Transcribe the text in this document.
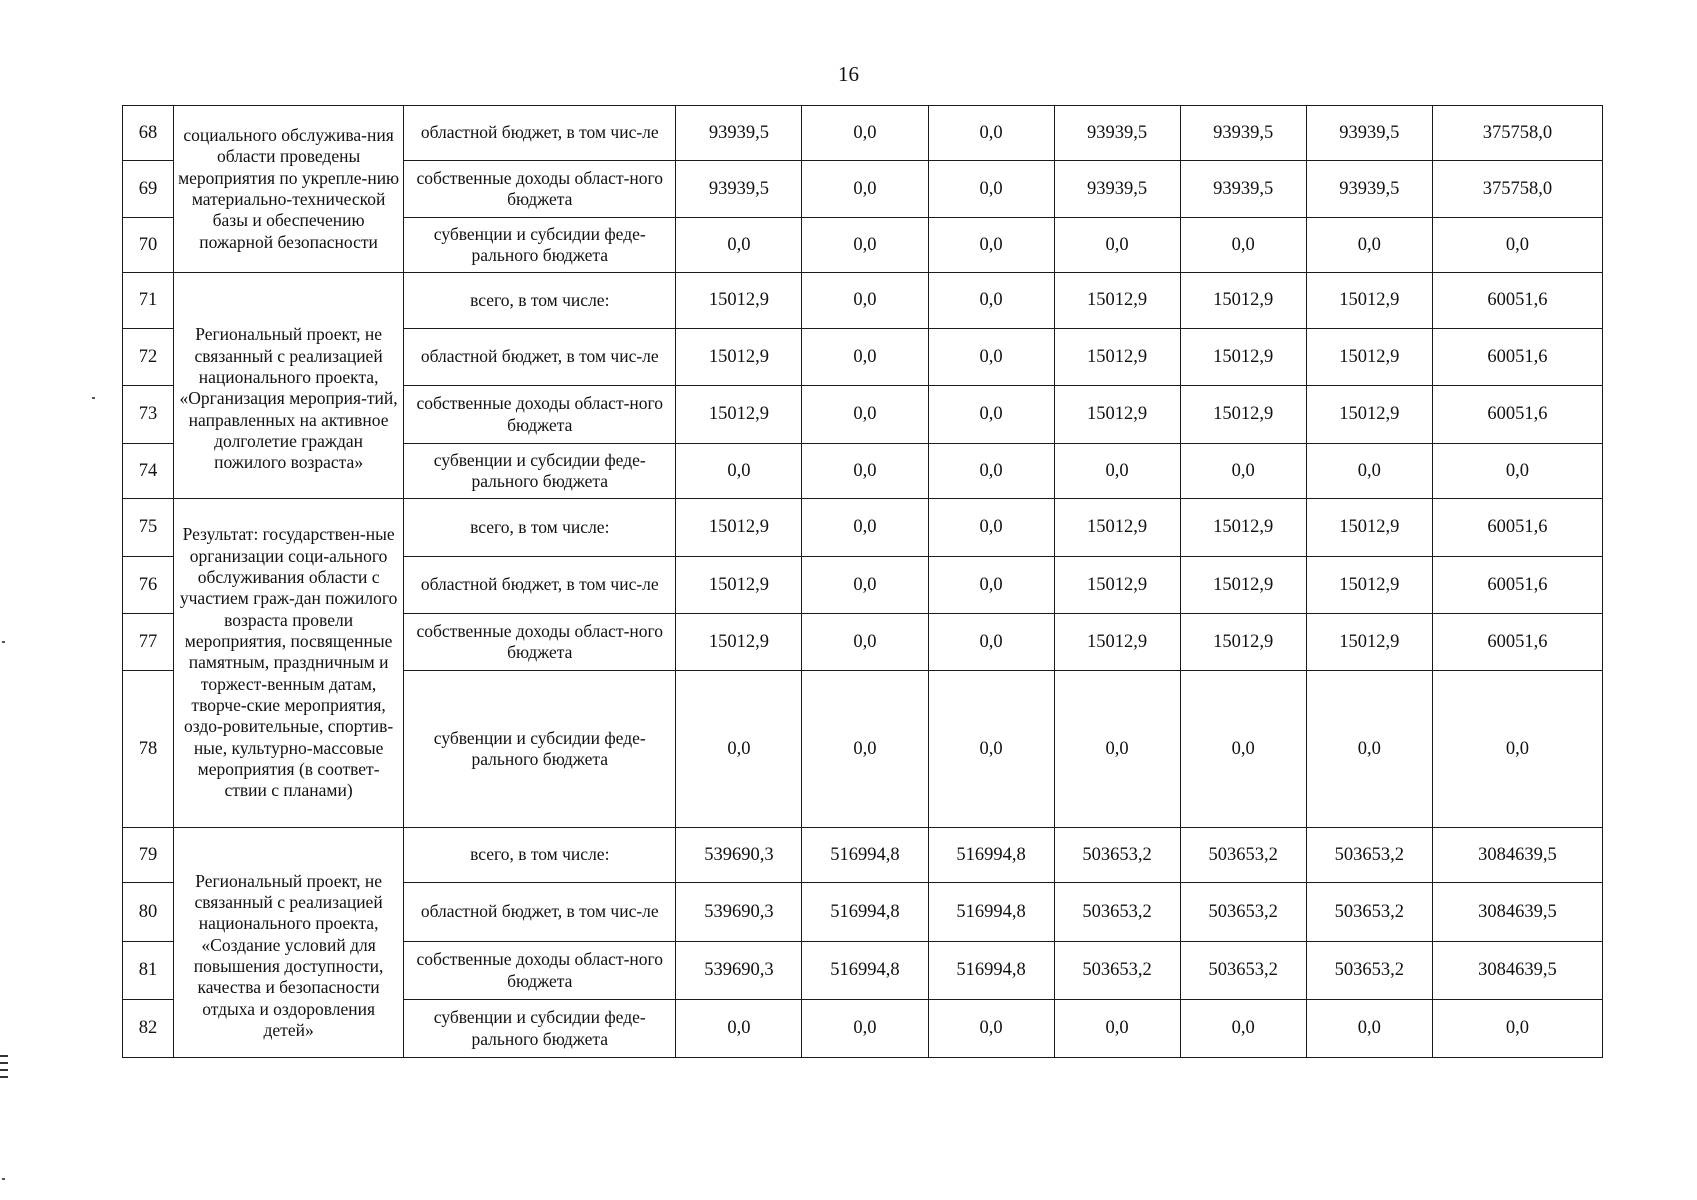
16
68	социального обслужива-ния области проведены мероприятия по укрепле-нию материально-технической базы и обеспечению пожарной безопасности	областной бюджет, в том чис-ле	93939,5	0,0	0,0	93939,5	93939,5	93939,5	375758,0
69		собственные доходы област-ного бюджета	93939,5	0,0	0,0	93939,5	93939,5	93939,5	375758,0
70		субвенции и субсидии феде-рального бюджета	0,0	0,0	0,0	0,0	0,0	0,0	0,0
71	Региональный проект, не связанный с реализацией национального проекта, «Организация мероприя-тий, направленных на активное долголетие граждан пожилого возраста»	всего, в том числе:	15012,9	0,0	0,0	15012,9	15012,9	15012,9	60051,6
72		областной бюджет, в том чис-ле	15012,9	0,0	0,0	15012,9	15012,9	15012,9	60051,6
73		собственные доходы област-ного бюджета	15012,9	0,0	0,0	15012,9	15012,9	15012,9	60051,6
74		субвенции и субсидии феде-рального бюджета	0,0	0,0	0,0	0,0	0,0	0,0	0,0
75	Результат: государствен-ные организации соци-ального обслуживания области с участием граж-дан пожилого возраста провели мероприятия, посвященные памятным, праздничным и торжест-венным датам, творче-ские мероприятия, оздо-ровительные, спортив-ные, культурно-массовые мероприятия (в соответ-ствии с планами)	всего, в том числе:	15012,9	0,0	0,0	15012,9	15012,9	15012,9	60051,6
76		областной бюджет, в том чис-ле	15012,9	0,0	0,0	15012,9	15012,9	15012,9	60051,6
77		собственные доходы област-ного бюджета	15012,9	0,0	0,0	15012,9	15012,9	15012,9	60051,6
78		субвенции и субсидии феде-рального бюджета	0,0	0,0	0,0	0,0	0,0	0,0	0,0
79	Региональный проект, не связанный с реализацией национального проекта, «Создание условий для повышения доступности, качества и безопасности отдыха и оздоровления детей»	всего, в том числе:	539690,3	516994,8	516994,8	503653,2	503653,2	503653,2	3084639,5
80		областной бюджет, в том чис-ле	539690,3	516994,8	516994,8	503653,2	503653,2	503653,2	3084639,5
81		собственные доходы област-ного бюджета	539690,3	516994,8	516994,8	503653,2	503653,2	503653,2	3084639,5
82		субвенции и субсидии феде-рального бюджета	0,0	0,0	0,0	0,0	0,0	0,0	0,0
